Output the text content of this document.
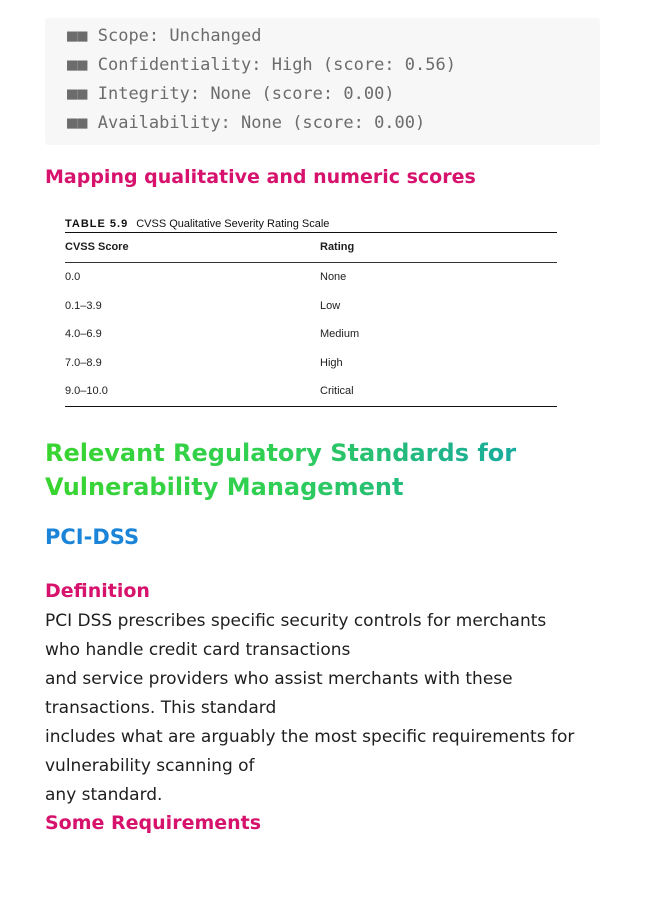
■■ Scope: Unchanged
■■ Confidentiality: High (score: 0.56)
■■ Integrity: None (score: 0.00)
■■ Availability: None (score: 0.00)
Mapping qualitative and numeric scores
TABLE 5.9 CVSS Qualitative Severity Rating Scale
CVSS Score	Rating
0.0	None
0.1–3.9	Low
4.0–6.9	Medium
7.0–8.9	High
9.0–10.0	Critical
Relevant Regulatory Standards for Vulnerability Management
PCI-DSS
Definition
PCI DSS prescribes specific security controls for merchants
who handle credit card transactions
and service providers who assist merchants with these
transactions. This standard
includes what are arguably the most specific requirements for
vulnerability scanning of
any standard.
Some Requirements
